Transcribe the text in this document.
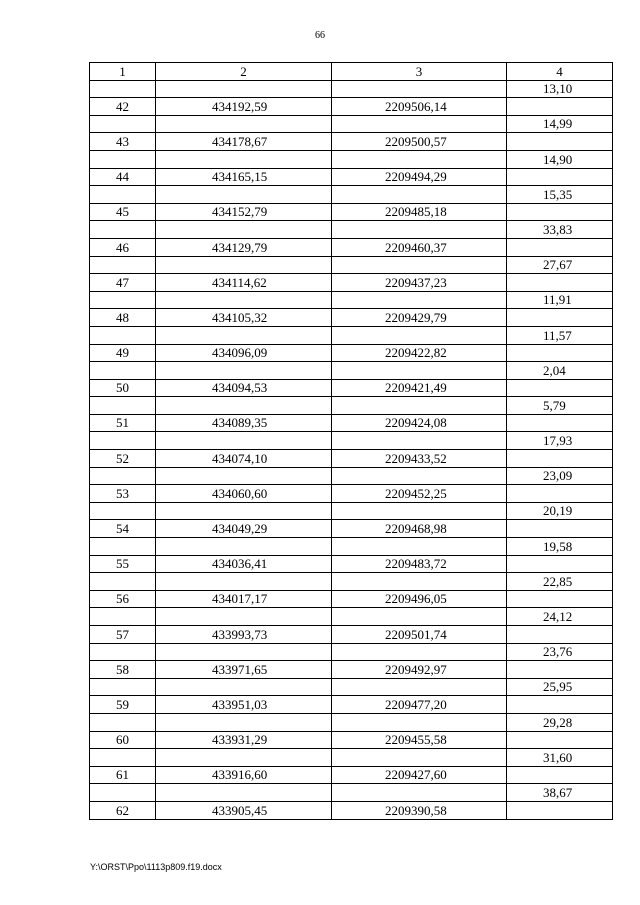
66
1	2	3	4
			13,10
42	434192,59	2209506,14	
			14,99
43	434178,67	2209500,57	
			14,90
44	434165,15	2209494,29	
			15,35
45	434152,79	2209485,18	
			33,83
46	434129,79	2209460,37	
			27,67
47	434114,62	2209437,23	
			11,91
48	434105,32	2209429,79	
			11,57
49	434096,09	2209422,82	
			2,04
50	434094,53	2209421,49	
			5,79
51	434089,35	2209424,08	
			17,93
52	434074,10	2209433,52	
			23,09
53	434060,60	2209452,25	
			20,19
54	434049,29	2209468,98	
			19,58
55	434036,41	2209483,72	
			22,85
56	434017,17	2209496,05	
			24,12
57	433993,73	2209501,74	
			23,76
58	433971,65	2209492,97	
			25,95
59	433951,03	2209477,20	
			29,28
60	433931,29	2209455,58	
			31,60
61	433916,60	2209427,60	
			38,67
62	433905,45	2209390,58	
Y:\ORST\Ppo\1113p809.f19.docx
